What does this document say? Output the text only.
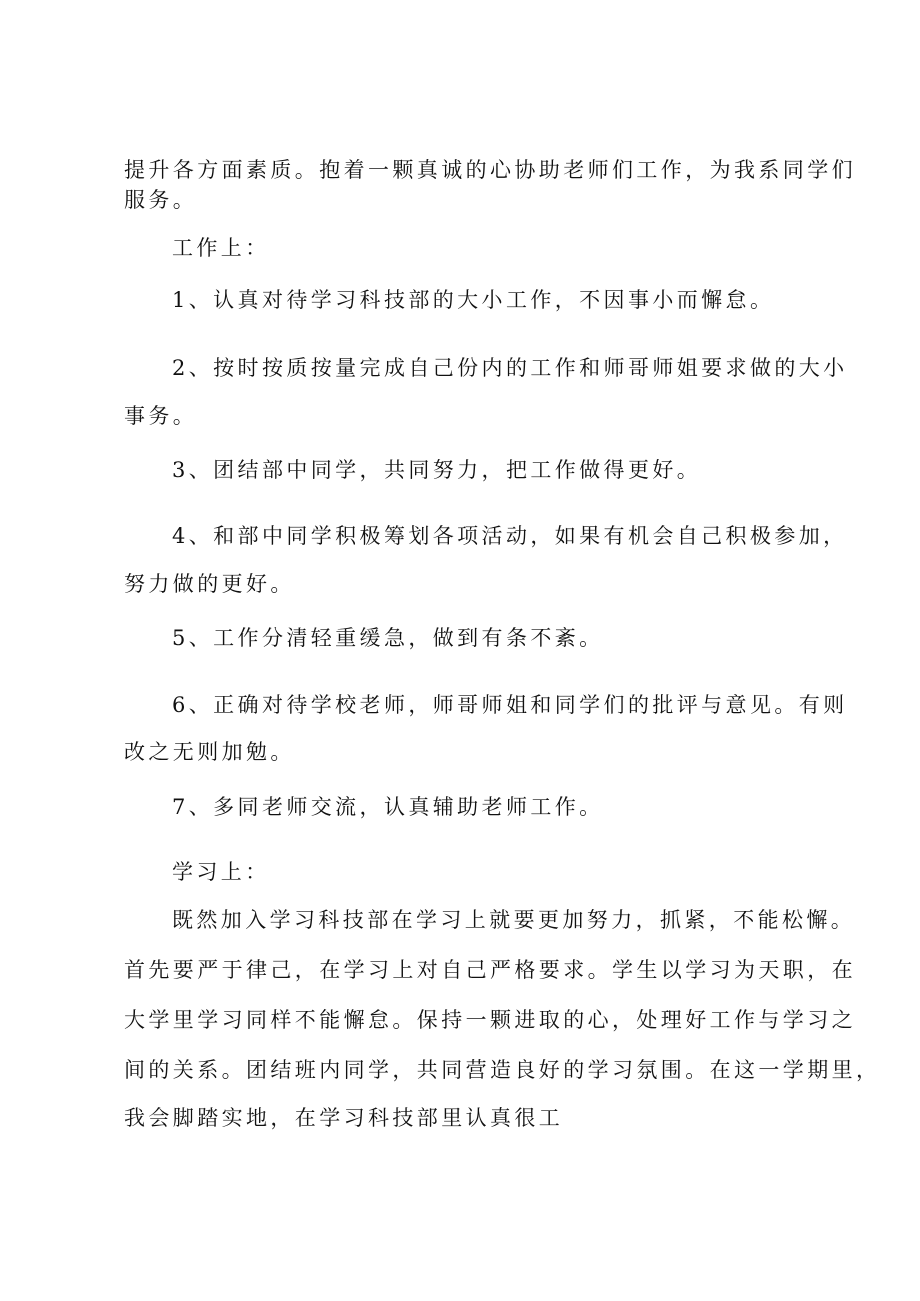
提升各方面素质。抱着一颗真诚的心协助老师们工作，为我系同学们

服务。

工作上：

1、认真对待学习科技部的大小工作，不因事小而懈怠。

2、按时按质按量完成自己份内的工作和师哥师姐要求做的大小

事务。

3、团结部中同学，共同努力，把工作做得更好。

4、和部中同学积极筹划各项活动，如果有机会自己积极参加，

努力做的更好。

5、工作分清轻重缓急，做到有条不紊。

6、正确对待学校老师，师哥师姐和同学们的批评与意见。有则

改之无则加勉。

7、多同老师交流，认真辅助老师工作。

学习上：

既然加入学习科技部在学习上就要更加努力，抓紧，不能松懈。

首先要严于律己，在学习上对自己严格要求。学生以学习为天职，在

大学里学习同样不能懈怠。保持一颗进取的心，处理好工作与学习之

间的关系。团结班内同学，共同营造良好的学习氛围。在这一学期里，

我会脚踏实地，在学习科技部里认真很工
